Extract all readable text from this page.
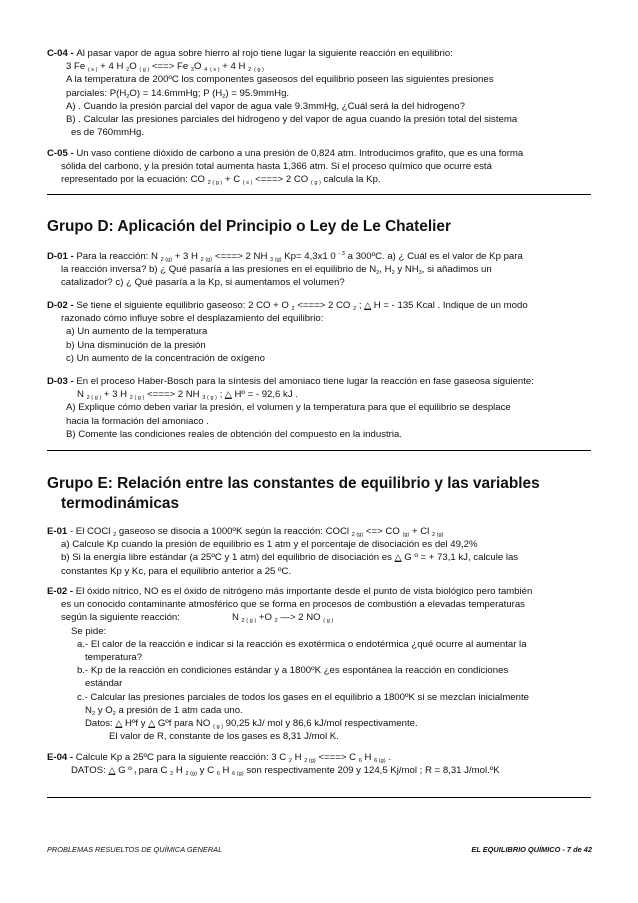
C-04 - Al pasar vapor de agua sobre hierro al rojo tiene lugar la siguiente reacción en equilibrio:
3 Fe $_{( s )}$ + 4 H $_2$O $_{( g )}$ <==> Fe $_3$O $_4$ $_{( s )}$ + 4 H $_2$ $_{( g )}$
A la temperatura de 200ºC los componentes gaseosos del equilibrio poseen las siguientes presiones
parciales: $P(H_2O)$ = 14.6mmHg; P $(H_2)$ = 95.9mmHg.
A) . Cuando la presión parcial del vapor de agua vale 9.3mmHg, ¿Cuál será la del hidrogeno?
B) . Calcular las presiones parciales del hidrogeno y del vapor de agua cuando la presión total del sistema
es de 760mmHg.
C-05 - Un vaso contiene dióxido de carbono a una presión de 0,824 atm. Introducimos grafito, que es una forma
sólida del carbono, y la presión total aumenta hasta 1,366 atm. Si el proceso químico que ocurre está
representado por la ecuación: CO $_{2 ( g )}$ + C $_{( s )}$ <===> 2 CO $_{( g )}$ calcula la Kp.
Grupo D: Aplicación del Principio o Ley de Le Chatelier
D-01 - Para la reacción: N $_{2 (g)}$ + 3 H $_{2 (g)}$ <===> 2 NH $_{3 (g)}$ Kp= 4,3x1 0 $^{- 3}$ a 300ºC. a) ¿ Cuál es el valor de Kp para
la reacción inversa? b) ¿ Qué pasaría a las presiones en el equilibrio de $N_2$, $H_2$ y $NH_3$, si añadimos un
catalizador? c) ¿ Qué pasaría a la Kp, si aumentamos el volumen?
D-02 - Se tiene el siguiente equilibrio gaseoso: 2 CO + O $_2$ <===> 2 CO $_2$ ; △ H = - 135 Kcal . Indique de un modo
razonado cómo influye sobre el desplazamiento del equilibrio:
a) Un aumento de la temperatura
b) Una disminución de la presión
c) Un aumento de la concentración de oxígeno
D-03 - En el proceso Haber-Bosch para la síntesis del amoniaco tiene lugar la reacción en fase gaseosa siguiente:
N $_{2 ( g )}$ + 3 H $_{2 ( g )}$ <===> 2 NH $_{3 ( g )}$ ; △ Hº = - 92,6 kJ .
A) Explique cómo deben variar la presión, el volumen y la temperatura para que el equilibrio se desplace
hacia la formación del amoniaco .
B) Comente las condiciones reales de obtención del compuesto en la industria.
Grupo E: Relación entre las constantes de equilibrio y las variables
termodinámicas
E-01 - El COCl $_2$ gaseoso se disocia a 1000ºK según la reacción: COCl $_{2 (g)}$ <=> CO $_{(g)}$ + Cl $_{2 (g)}$
a) Calcule Kp cuando la presión de equilibrio es 1 atm y el porcentaje de disociación es del 49,2%
b) Si la energía libre estándar (a 25ºC y 1 atm) del equilibrio de disociación es △ G º = + 73,1 kJ, calcule las
constantes Kp y Kc, para el equilibrio anterior a 25 ºC.
E-02 - El óxido nítrico, NO es el óxido de nitrógeno más importante desde el punto de vista biológico pero también
es un conocido contaminante atmosférico que se forma en procesos de combustión a elevadas temperaturas
según la siguiente reacción:	N $_{2 ( g )}$ +O $_2$ —> 2 NO $_{( g )}$
Se pide:
a.- El calor de la reacción e indicar si la reacción es exotérmica o endotérmica ¿qué ocurre al aumentar la
temperatura?
b.- Kp de la reacción en condiciones estándar y a 1800ºK ¿es espontánea la reacción en condiciones
estándar
c.- Calcular las presiones parciales de todos los gases en el equilibrio a 1800ºK si se mezclan inicialmente
$N_2$ y $O_2$ a presión de 1 atm cada uno.
Datos: △ Hºf y △ Gºf para NO $_{( g )}$ 90,25 kJ/ mol y 86,6 kJ/mol respectivamente.
El valor de R, constante de los gases es 8,31 J/mol K.
E-04 - Calcule Kp a 25ºC para la siguiente reacción: 3 C $_2$ H $_{2 (g)}$ <===> C $_6$ H $_{6 (g)}$ .
DATOS: △ G º $_f$ para C $_2$ H $_{2 (g)}$ y C $_6$ H $_{6 (g)}$ son respectivamente 209 y 124,5 Kj/mol ; R = 8,31 J/mol.ºK
PROBLEMAS RESUELTOS DE QUÍMICA GENERAL	EL EQUILIBRIO QUÍMICO - 7 de 42
